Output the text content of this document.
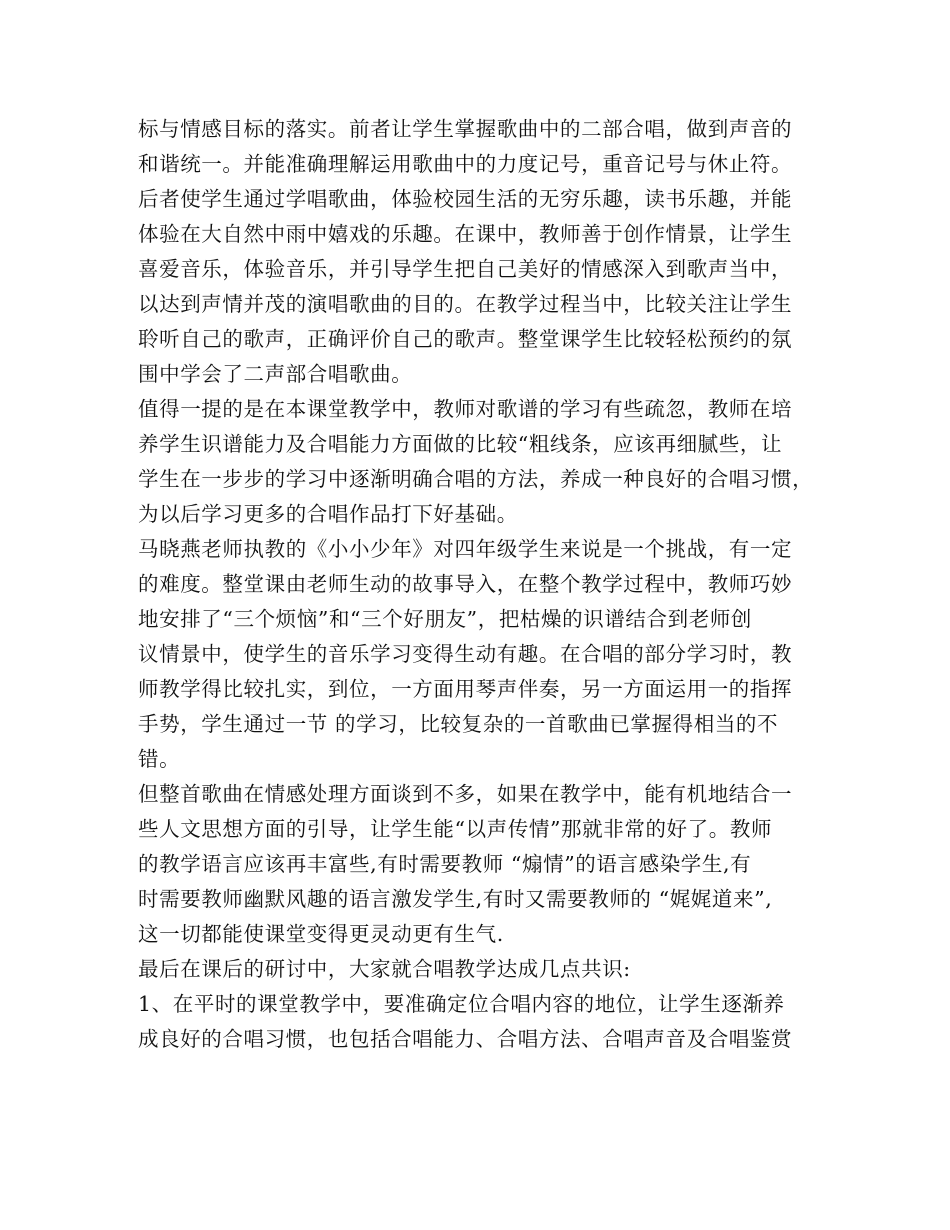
标与情感目标的落实。前者让学生掌握歌曲中的二部合唱，做到声音的
和谐统一。并能准确理解运用歌曲中的力度记号，重音记号与休止符。
后者使学生通过学唱歌曲，体验校园生活的无穷乐趣，读书乐趣，并能
体验在大自然中雨中嬉戏的乐趣。在课中，教师善于创作情景，让学生
喜爱音乐，体验音乐，并引导学生把自己美好的情感深入到歌声当中，
以达到声情并茂的演唱歌曲的目的。在教学过程当中，比较关注让学生
聆听自己的歌声，正确评价自己的歌声。整堂课学生比较轻松预约的氛
围中学会了二声部合唱歌曲。
值得一提的是在本课堂教学中，教师对歌谱的学习有些疏忽，教师在培
养学生识谱能力及合唱能力方面做的比较“粗线条，应该再细腻些，让
学生在一步步的学习中逐渐明确合唱的方法，养成一种良好的合唱习惯，
为以后学习更多的合唱作品打下好基础。
马晓燕老师执教的《小小少年》对四年级学生来说是一个挑战，有一定
的难度。整堂课由老师生动的故事导入，在整个教学过程中，教师巧妙
地安排了“三个烦恼”和“三个好朋友”，把枯燥的识谱结合到老师创
议情景中，使学生的音乐学习变得生动有趣。在合唱的部分学习时，教
师教学得比较扎实，到位，一方面用琴声伴奏，另一方面运用一的指挥
手势，学生通过一节 的学习，比较复杂的一首歌曲已掌握得相当的不
错。
但整首歌曲在情感处理方面谈到不多，如果在教学中，能有机地结合一
些人文思想方面的引导，让学生能“以声传情”那就非常的好了。教师
的教学语言应该再丰富些,有时需要教师 “煽情”的语言感染学生,有
时需要教师幽默风趣的语言激发学生,有时又需要教师的 “娓娓道来”,
这一切都能使课堂变得更灵动更有生气.
最后在课后的研讨中，大家就合唱教学达成几点共识:
1、在平时的课堂教学中，要准确定位合唱内容的地位，让学生逐渐养
成良好的合唱习惯，也包括合唱能力、合唱方法、合唱声音及合唱鉴赏
